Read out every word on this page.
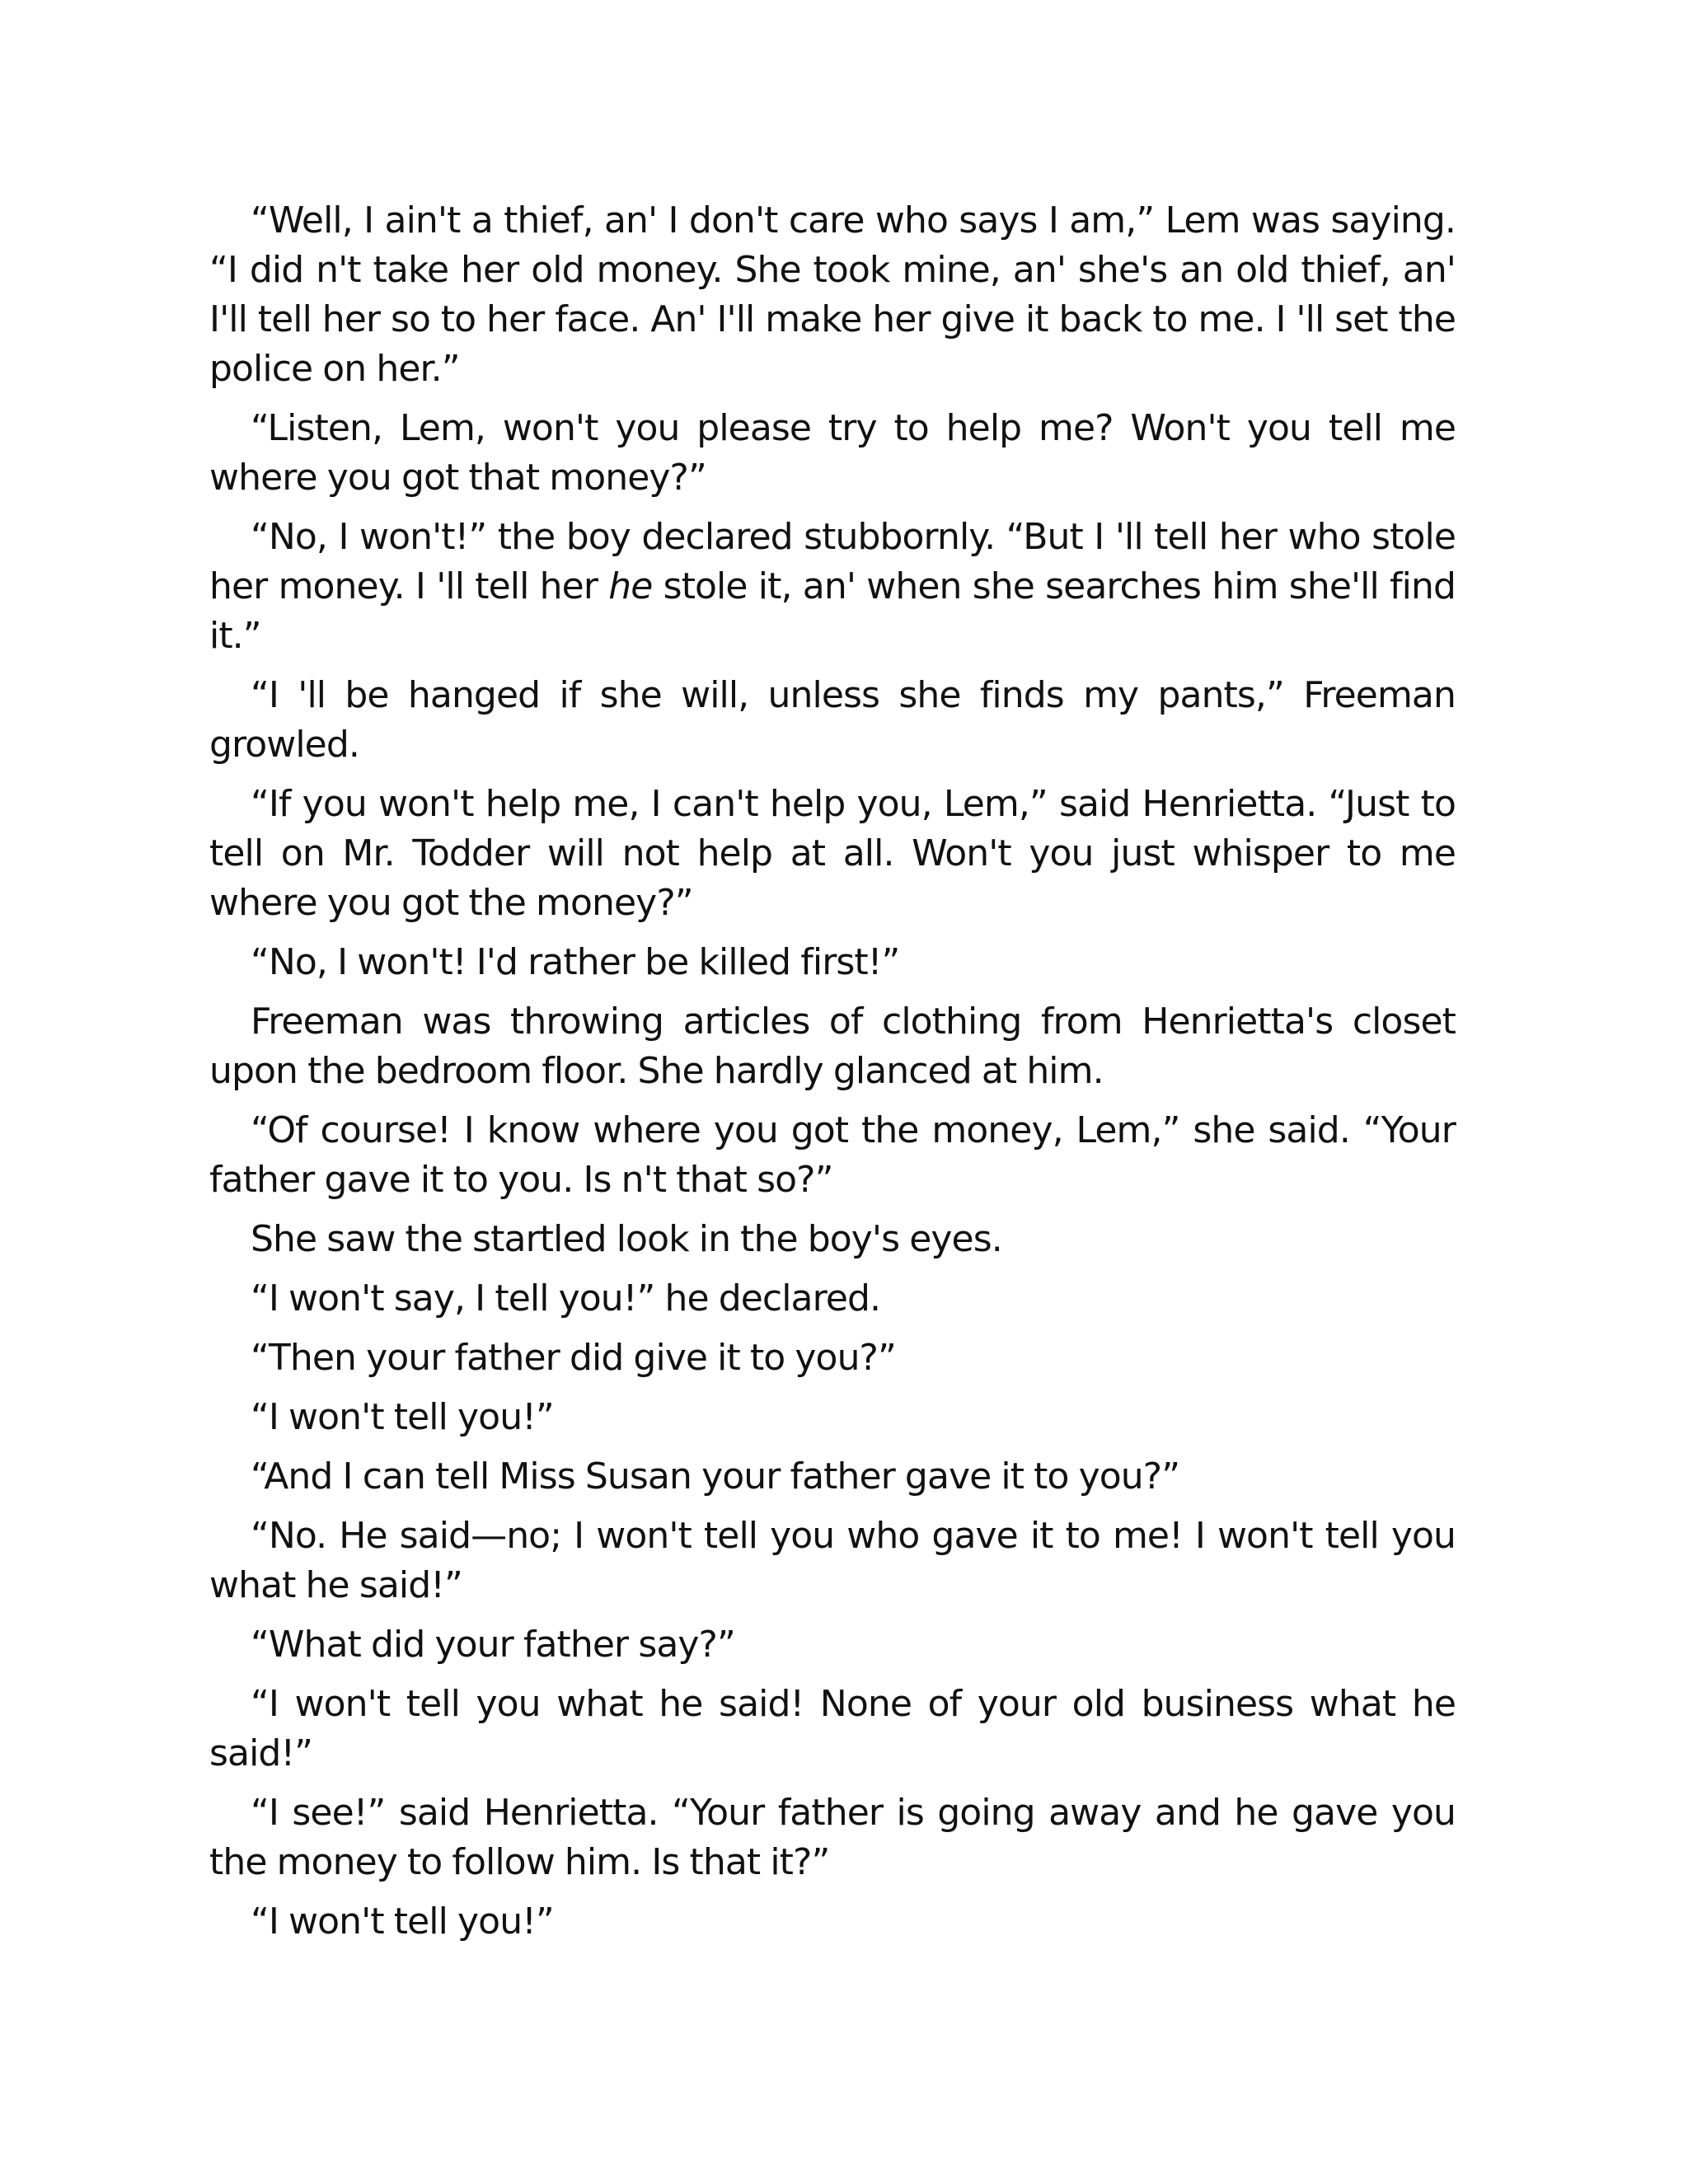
“Well, I ain't a thief, an' I don't care who says I am,” Lem was saying. “I did n't take her old money. She took mine, an' she's an old thief, an' I'll tell her so to her face. An' I'll make her give it back to me. I 'll set the police on her.”

“Listen, Lem, won't you please try to help me? Won't you tell me where you got that money?”

“No, I won't!” the boy declared stubbornly. “But I 'll tell her who stole her money. I 'll tell her he stole it, an' when she searches him she'll find it.”

“I 'll be hanged if she will, unless she finds my pants,” Freeman growled.

“If you won't help me, I can't help you, Lem,” said Henrietta. “Just to tell on Mr. Todder will not help at all. Won't you just whisper to me where you got the money?”

“No, I won't! I'd rather be killed first!”

Freeman was throwing articles of clothing from Henrietta's closet upon the bedroom floor. She hardly glanced at him.

“Of course! I know where you got the money, Lem,” she said. “Your father gave it to you. Is n't that so?”

She saw the startled look in the boy's eyes.

“I won't say, I tell you!” he declared.

“Then your father did give it to you?”

“I won't tell you!”

“And I can tell Miss Susan your father gave it to you?”

“No. He said—no; I won't tell you who gave it to me! I won't tell you what he said!”

“What did your father say?”

“I won't tell you what he said! None of your old business what he said!”

“I see!” said Henrietta. “Your father is going away and he gave you the money to follow him. Is that it?”

“I won't tell you!”
